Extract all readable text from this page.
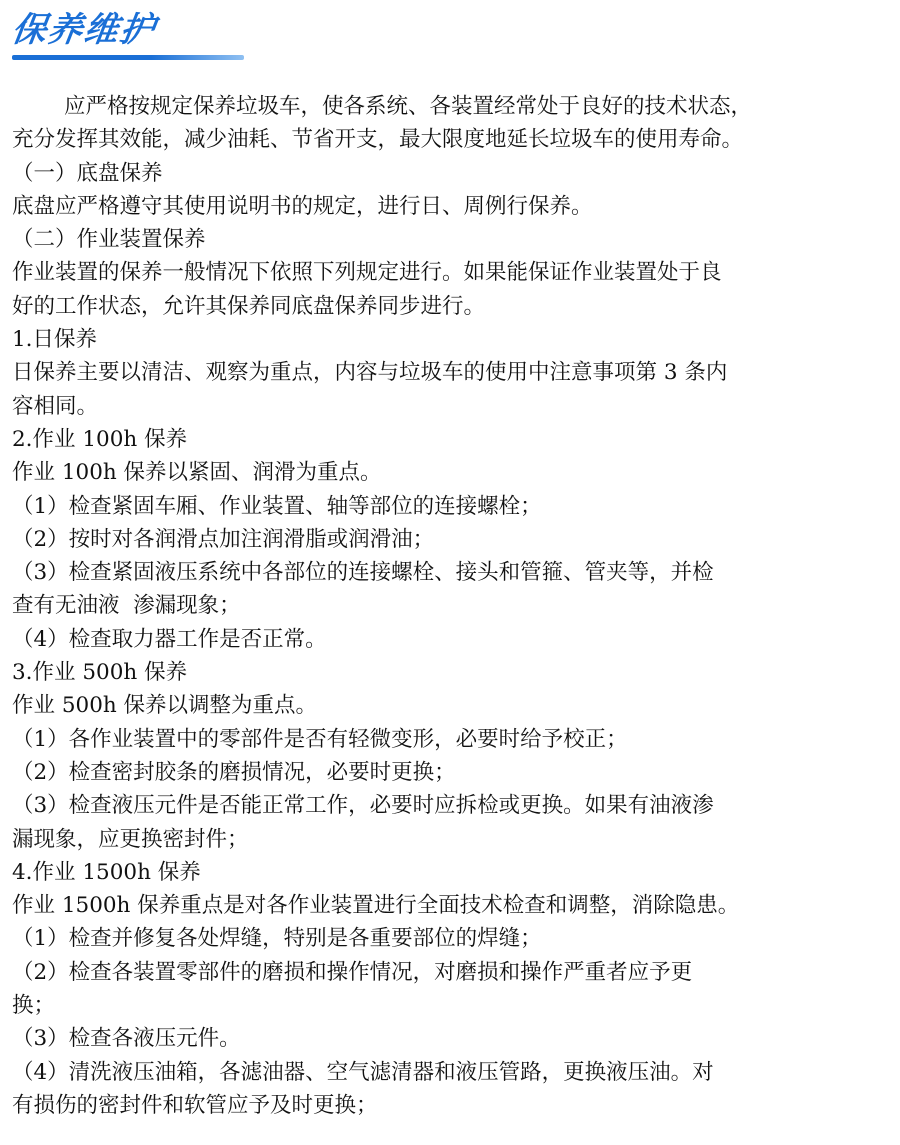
保养维护
应严格按规定保养垃圾车，使各系统、各装置经常处于良好的技术状态，
充分发挥其效能，减少油耗、节省开支，最大限度地延长垃圾车的使用寿命。
（一）底盘保养
底盘应严格遵守其使用说明书的规定，进行日、周例行保养。
（二）作业装置保养
作业装置的保养一般情况下依照下列规定进行。如果能保证作业装置处于良
好的工作状态，允许其保养同底盘保养同步进行。
1.日保养
日保养主要以清洁、观察为重点，内容与垃圾车的使用中注意事项第 3 条内
容相同。
2.作业 100h 保养
作业 100h 保养以紧固、润滑为重点。
（1）检查紧固车厢、作业装置、轴等部位的连接螺栓；
（2）按时对各润滑点加注润滑脂或润滑油；
（3）检查紧固液压系统中各部位的连接螺栓、接头和管箍、管夹等，并检
查有无油液  渗漏现象；
（4）检查取力器工作是否正常。
3.作业 500h 保养
作业 500h 保养以调整为重点。
（1）各作业装置中的零部件是否有轻微变形，必要时给予校正；
（2）检查密封胶条的磨损情况，必要时更换；
（3）检查液压元件是否能正常工作，必要时应拆检或更换。如果有油液渗
漏现象，应更换密封件；
4.作业 1500h 保养
作业 1500h 保养重点是对各作业装置进行全面技术检查和调整，消除隐患。
（1）检查并修复各处焊缝，特别是各重要部位的焊缝；
（2）检查各装置零部件的磨损和操作情况，对磨损和操作严重者应予更
换；
（3）检查各液压元件。
（4）清洗液压油箱，各滤油器、空气滤清器和液压管路，更换液压油。对
有损伤的密封件和软管应予及时更换；
